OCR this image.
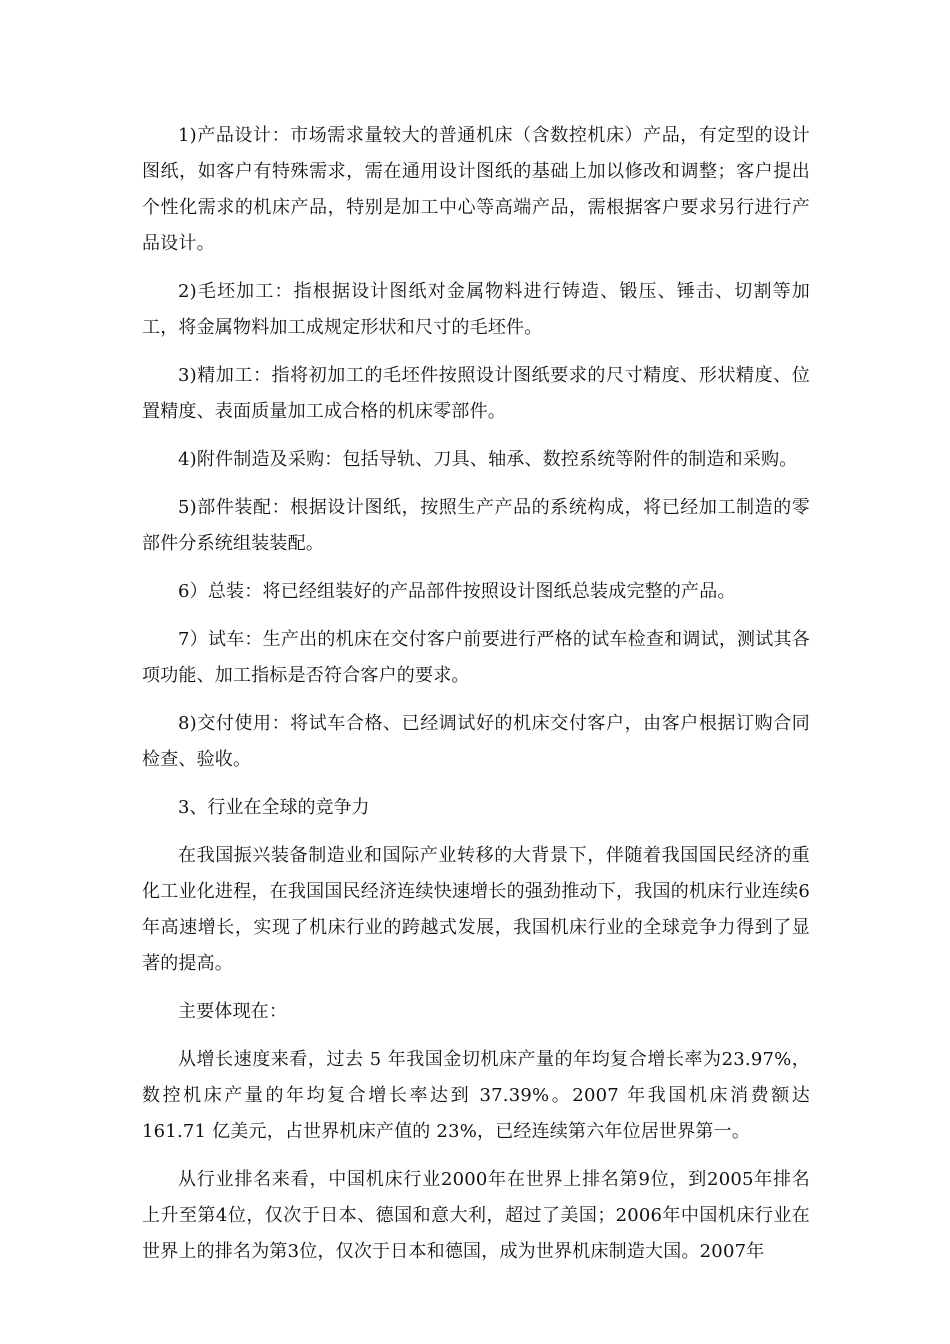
1)产品设计：市场需求量较大的普通机床（含数控机床）产品，有定型的设计图纸，如客户有特殊需求，需在通用设计图纸的基础上加以修改和调整；客户提出个性化需求的机床产品，特别是加工中心等高端产品，需根据客户要求另行进行产品设计。

2)毛坯加工：指根据设计图纸对金属物料进行铸造、锻压、锤击、切割等加工，将金属物料加工成规定形状和尺寸的毛坯件。

3)精加工：指将初加工的毛坯件按照设计图纸要求的尺寸精度、形状精度、位置精度、表面质量加工成合格的机床零部件。

4)附件制造及采购：包括导轨、刀具、轴承、数控系统等附件的制造和采购。

5)部件装配：根据设计图纸，按照生产产品的系统构成，将已经加工制造的零部件分系统组装装配。

6）总装：将已经组装好的产品部件按照设计图纸总装成完整的产品。

7）试车：生产出的机床在交付客户前要进行严格的试车检查和调试，测试其各项功能、加工指标是否符合客户的要求。

8)交付使用：将试车合格、已经调试好的机床交付客户，由客户根据订购合同检查、验收。

3、行业在全球的竞争力

在我国振兴装备制造业和国际产业转移的大背景下，伴随着我国国民经济的重化工业化进程，在我国国民经济连续快速增长的强劲推动下，我国的机床行业连续6年高速增长，实现了机床行业的跨越式发展，我国机床行业的全球竞争力得到了显著的提高。

主要体现在：

从增长速度来看，过去 5 年我国金切机床产量的年均复合增长率为23.97%，数控机床产量的年均复合增长率达到 37.39%。2007 年我国机床消费额达 161.71 亿美元，占世界机床产值的 23%，已经连续第六年位居世界第一。

从行业排名来看，中国机床行业2000年在世界上排名第9位，到2005年排名上升至第4位，仅次于日本、德国和意大利，超过了美国；2006年中国机床行业在世界上的排名为第3位，仅次于日本和德国，成为世界机床制造大国。2007年
